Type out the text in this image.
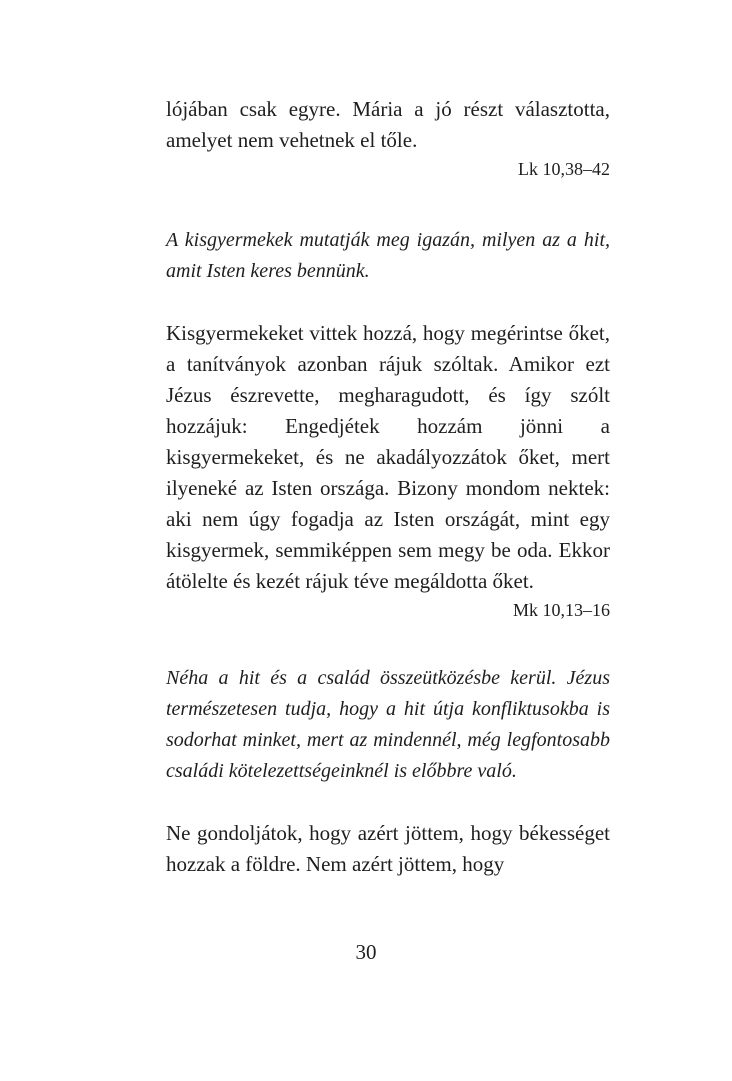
lójában csak egyre. Mária a jó részt választotta, amelyet nem vehetnek el tőle.

Lk 10,38–42

A kisgyermekek mutatják meg igazán, milyen az a hit, amit Isten keres bennünk.

Kisgyermekeket vittek hozzá, hogy megérintse őket, a tanítványok azonban rájuk szóltak. Amikor ezt Jézus észrevette, megharagudott, és így szólt hozzájuk: Engedjétek hozzám jönni a kisgyermekeket, és ne akadályozzátok őket, mert ilyeneké az Isten országa. Bizony mondom nektek: aki nem úgy fogadja az Isten országát, mint egy kisgyermek, semmiképpen sem megy be oda. Ekkor átölelte és kezét rájuk téve megáldotta őket.

Mk 10,13–16

Néha a hit és a család összeütközésbe kerül. Jézus természetesen tudja, hogy a hit útja konfliktusokba is sodorhat minket, mert az mindennél, még legfontosabb családi kötelezettségeinknél is előbbre való.

Ne gondoljátok, hogy azért jöttem, hogy békességet hozzak a földre. Nem azért jöttem, hogy

30
